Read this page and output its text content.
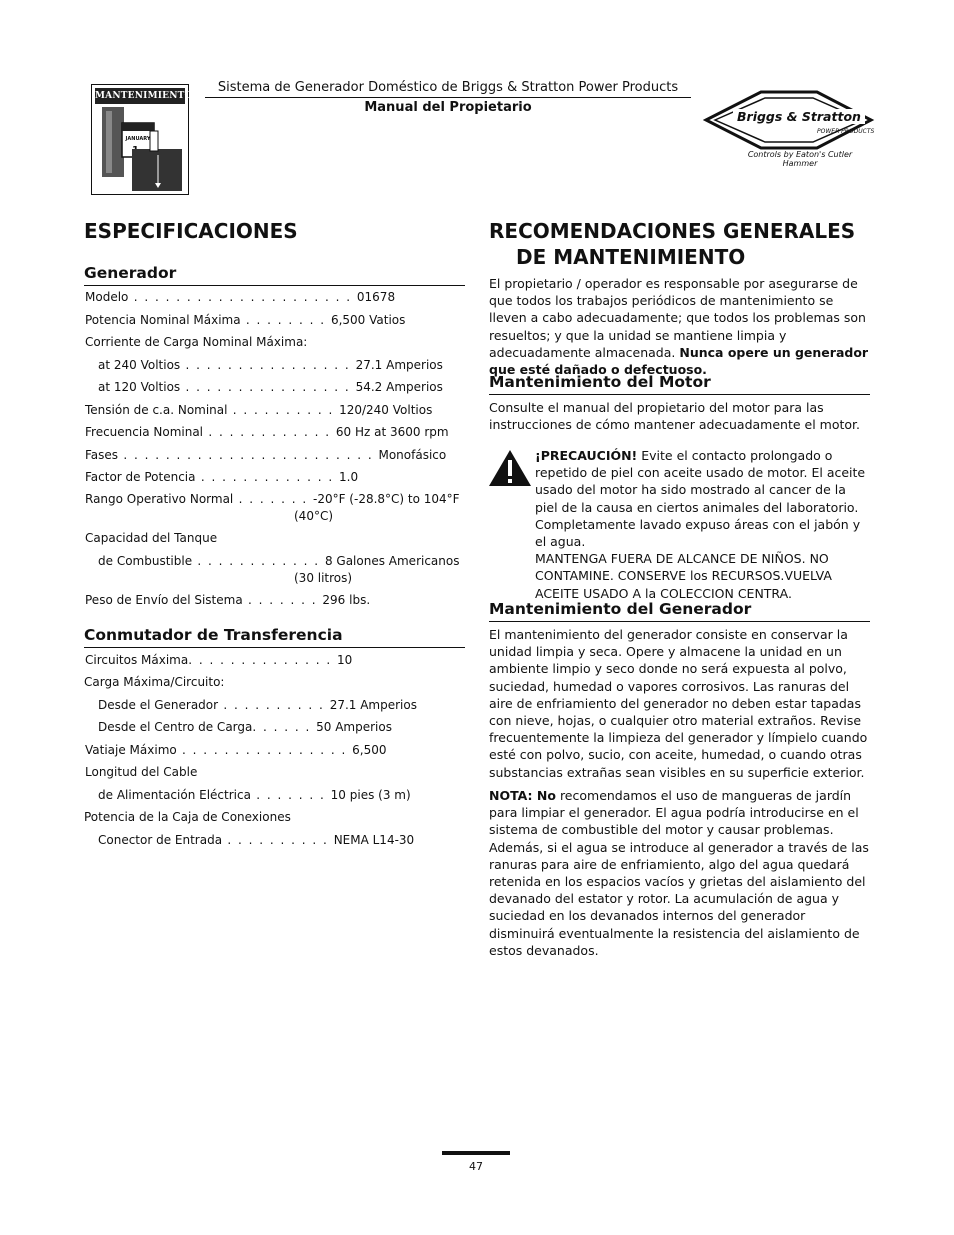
MANTENIMIENTO
JANUARY
Sistema de Generador Doméstico de Briggs & Stratton Power Products
Manual del Propietario
Briggs & Stratton
POWER PRODUCTS
Controls by Eaton's Cutler Hammer
ESPECIFICACIONES
Generador
Modelo . . . . . . . . . . . . . . . . . . . . . 01678
Potencia Nominal Máxima . . . . . . . . 6,500 Vatios
Corriente de Carga Nominal Máxima:
at 240 Voltios . . . . . . . . . . . . . . . . 27.1 Amperios
at 120 Voltios . . . . . . . . . . . . . . . . 54.2 Amperios
Tensión de c.a. Nominal . . . . . . . . . . 120/240 Voltios
Frecuencia Nominal . . . . . . . . . . . . 60 Hz at 3600 rpm
Fases . . . . . . . . . . . . . . . . . . . . . . . . Monofásico
Factor de Potencia . . . . . . . . . . . . . 1.0
Rango Operativo Normal . . . . . . . -20°F (-28.8°C) to 104°F
(40°C)
Capacidad del Tanque
de Combustible . . . . . . . . . . . . 8 Galones Americanos
(30 litros)
Peso de Envío del Sistema . . . . . . . 296 lbs.
Conmutador de Transferencia
Circuitos Máxima. . . . . . . . . . . . . . 10
Carga Máxima/Circuito:
Desde el Generador . . . . . . . . . . 27.1 Amperios
Desde el Centro de Carga. . . . . . 50 Amperios
Vatiaje Máximo . . . . . . . . . . . . . . . . 6,500
Longitud del Cable
de Alimentación Eléctrica . . . . . . . 10 pies (3 m)
Potencia de la Caja de Conexiones
Conector de Entrada . . . . . . . . . . NEMA L14-30
RECOMENDACIONES GENERALES
DE MANTENIMIENTO
El propietario / operador es responsable por asegurarse de que todos los trabajos periódicos de mantenimiento se lleven a cabo adecuadamente; que todos los problemas son resueltos; y que la unidad se mantiene limpia y adecuadamente almacenada. Nunca opere un generador que esté dañado o defectuoso.
Mantenimiento del Motor
Consulte el manual del propietario del motor para las instrucciones de cómo mantener adecuadamente el motor.
¡PRECAUCIÓN! Evite el contacto prolongado o repetido de piel con aceite usado de motor. El aceite usado del motor ha sido mostrado al cancer de la piel de la causa en ciertos animales del laboratorio. Completamente lavado expuso áreas con el jabón y el agua.
MANTENGA FUERA DE ALCANCE DE NIÑOS. NO CONTAMINE. CONSERVE los RECURSOS.VUELVA ACEITE USADO A la COLECCION CENTRA.
Mantenimiento del Generador
El mantenimiento del generador consiste en conservar la unidad limpia y seca. Opere y almacene la unidad en un ambiente limpio y seco donde no será expuesta al polvo, suciedad, humedad o vapores corrosivos. Las ranuras del aire de enfriamiento del generador no deben estar tapadas con nieve, hojas, o cualquier otro material extraños. Revise frecuentemente la limpieza del generador y límpielo cuando esté con polvo, sucio, con aceite, humedad, o cuando otras substancias extrañas sean visibles en su superficie exterior.
NOTA: No recomendamos el uso de mangueras de jardín para limpiar el generador. El agua podría introducirse en el sistema de combustible del motor y causar problemas. Además, si el agua se introduce al generador a través de las ranuras para aire de enfriamiento, algo del agua quedará retenida en los espacios vacíos y grietas del aislamiento del devanado del estator y rotor. La acumulación de agua y suciedad en los devanados internos del generador disminuirá eventualmente la resistencia del aislamiento de estos devanados.
47
